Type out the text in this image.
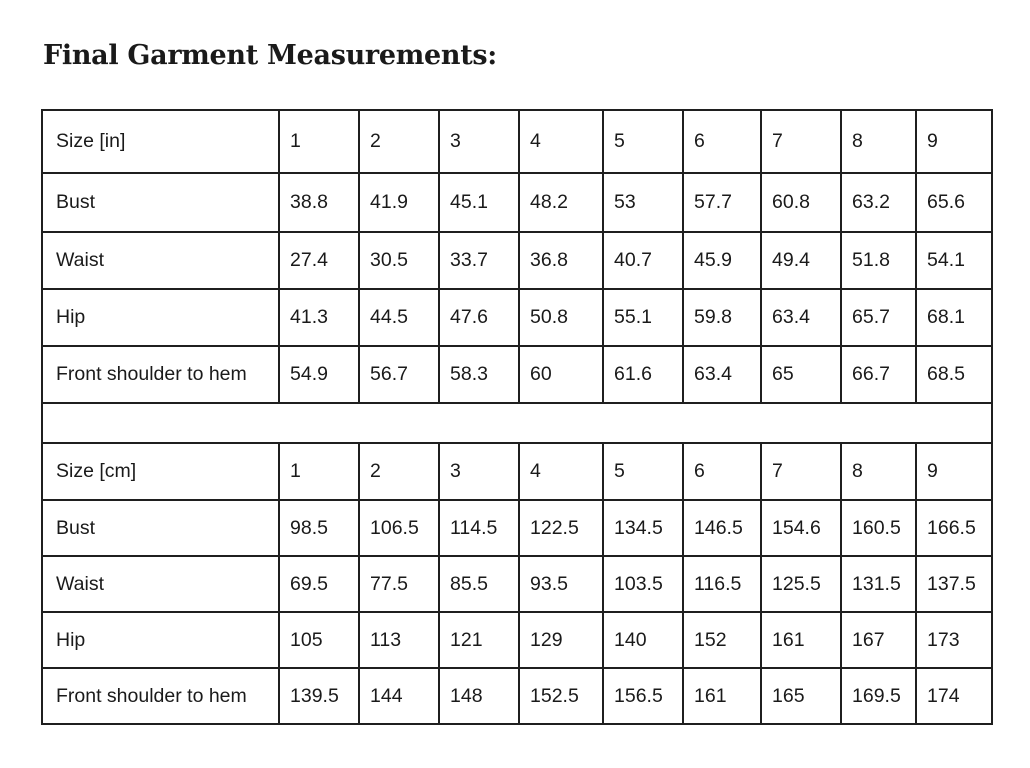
Final Garment Measurements:
Size [in]	1	2	3	4	5	6	7	8	9
Bust	38.8	41.9	45.1	48.2	53	57.7	60.8	63.2	65.6
Waist	27.4	30.5	33.7	36.8	40.7	45.9	49.4	51.8	54.1
Hip	41.3	44.5	47.6	50.8	55.1	59.8	63.4	65.7	68.1
Front shoulder to hem	54.9	56.7	58.3	60	61.6	63.4	65	66.7	68.5

Size [cm]	1	2	3	4	5	6	7	8	9
Bust	98.5	106.5	114.5	122.5	134.5	146.5	154.6	160.5	166.5
Waist	69.5	77.5	85.5	93.5	103.5	116.5	125.5	131.5	137.5
Hip	105	113	121	129	140	152	161	167	173
Front shoulder to hem	139.5	144	148	152.5	156.5	161	165	169.5	174
